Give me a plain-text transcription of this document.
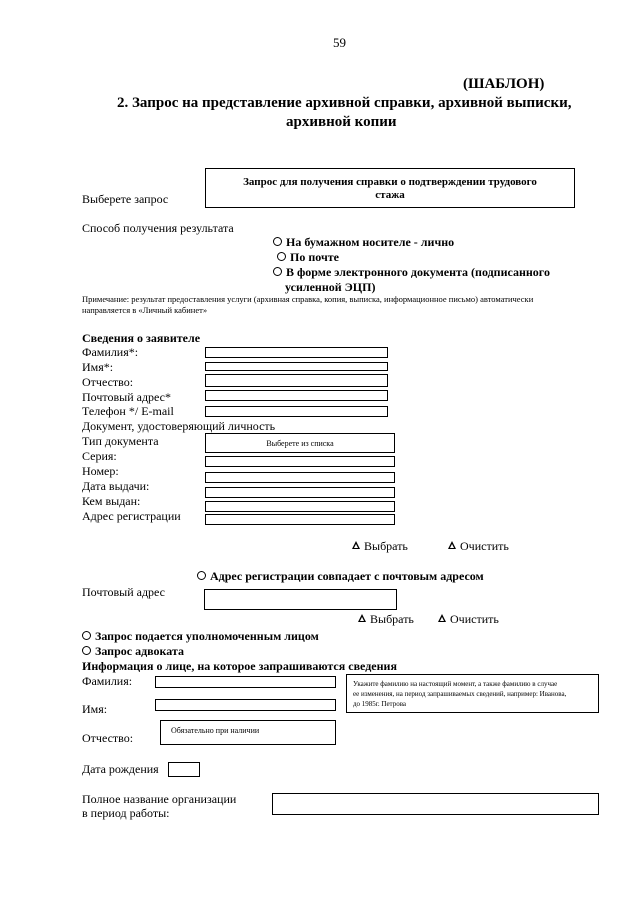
59
(ШАБЛОН)
2. Запрос на представление архивной справки, архивной выписки,
архивной копии
Выберете запрос
Запрос для получения справки о подтверждении трудового
стажа
Способ получения результата
На бумажном носителе - лично
По почте
В форме электронного документа (подписанного
усиленной ЭЦП)
Примечание: результат предоставления услуги (архивная справка, копия, выписка, информационное письмо) автоматически
направляется в «Личный кабинет»
Сведения о заявителе
Фамилия*:
Имя*:
Отчество:
Почтовый адрес*
Телефон */ E-mail
Документ, удостоверяющий личность
Тип документа	Выберете из списка
Серия:
Номер:
Дата выдачи:
Кем выдан:
Адрес регистрации
Выбрать	Очистить
Адрес регистрации совпадает с почтовым адресом
Почтовый адрес
Выбрать	Очистить
Запрос подается уполномоченным лицом
Запрос адвоката
Информация о лице, на которое запрашиваются сведения
Фамилия:
Имя:
Отчество:
Обязательно при наличии
Укажите фамилию на настоящий момент, а также фамилию в случае
ее изменения, на период запрашиваемых сведений, например: Иванова,
до 1985г. Петрова
Дата рождения
Полное название организации
в период работы:
